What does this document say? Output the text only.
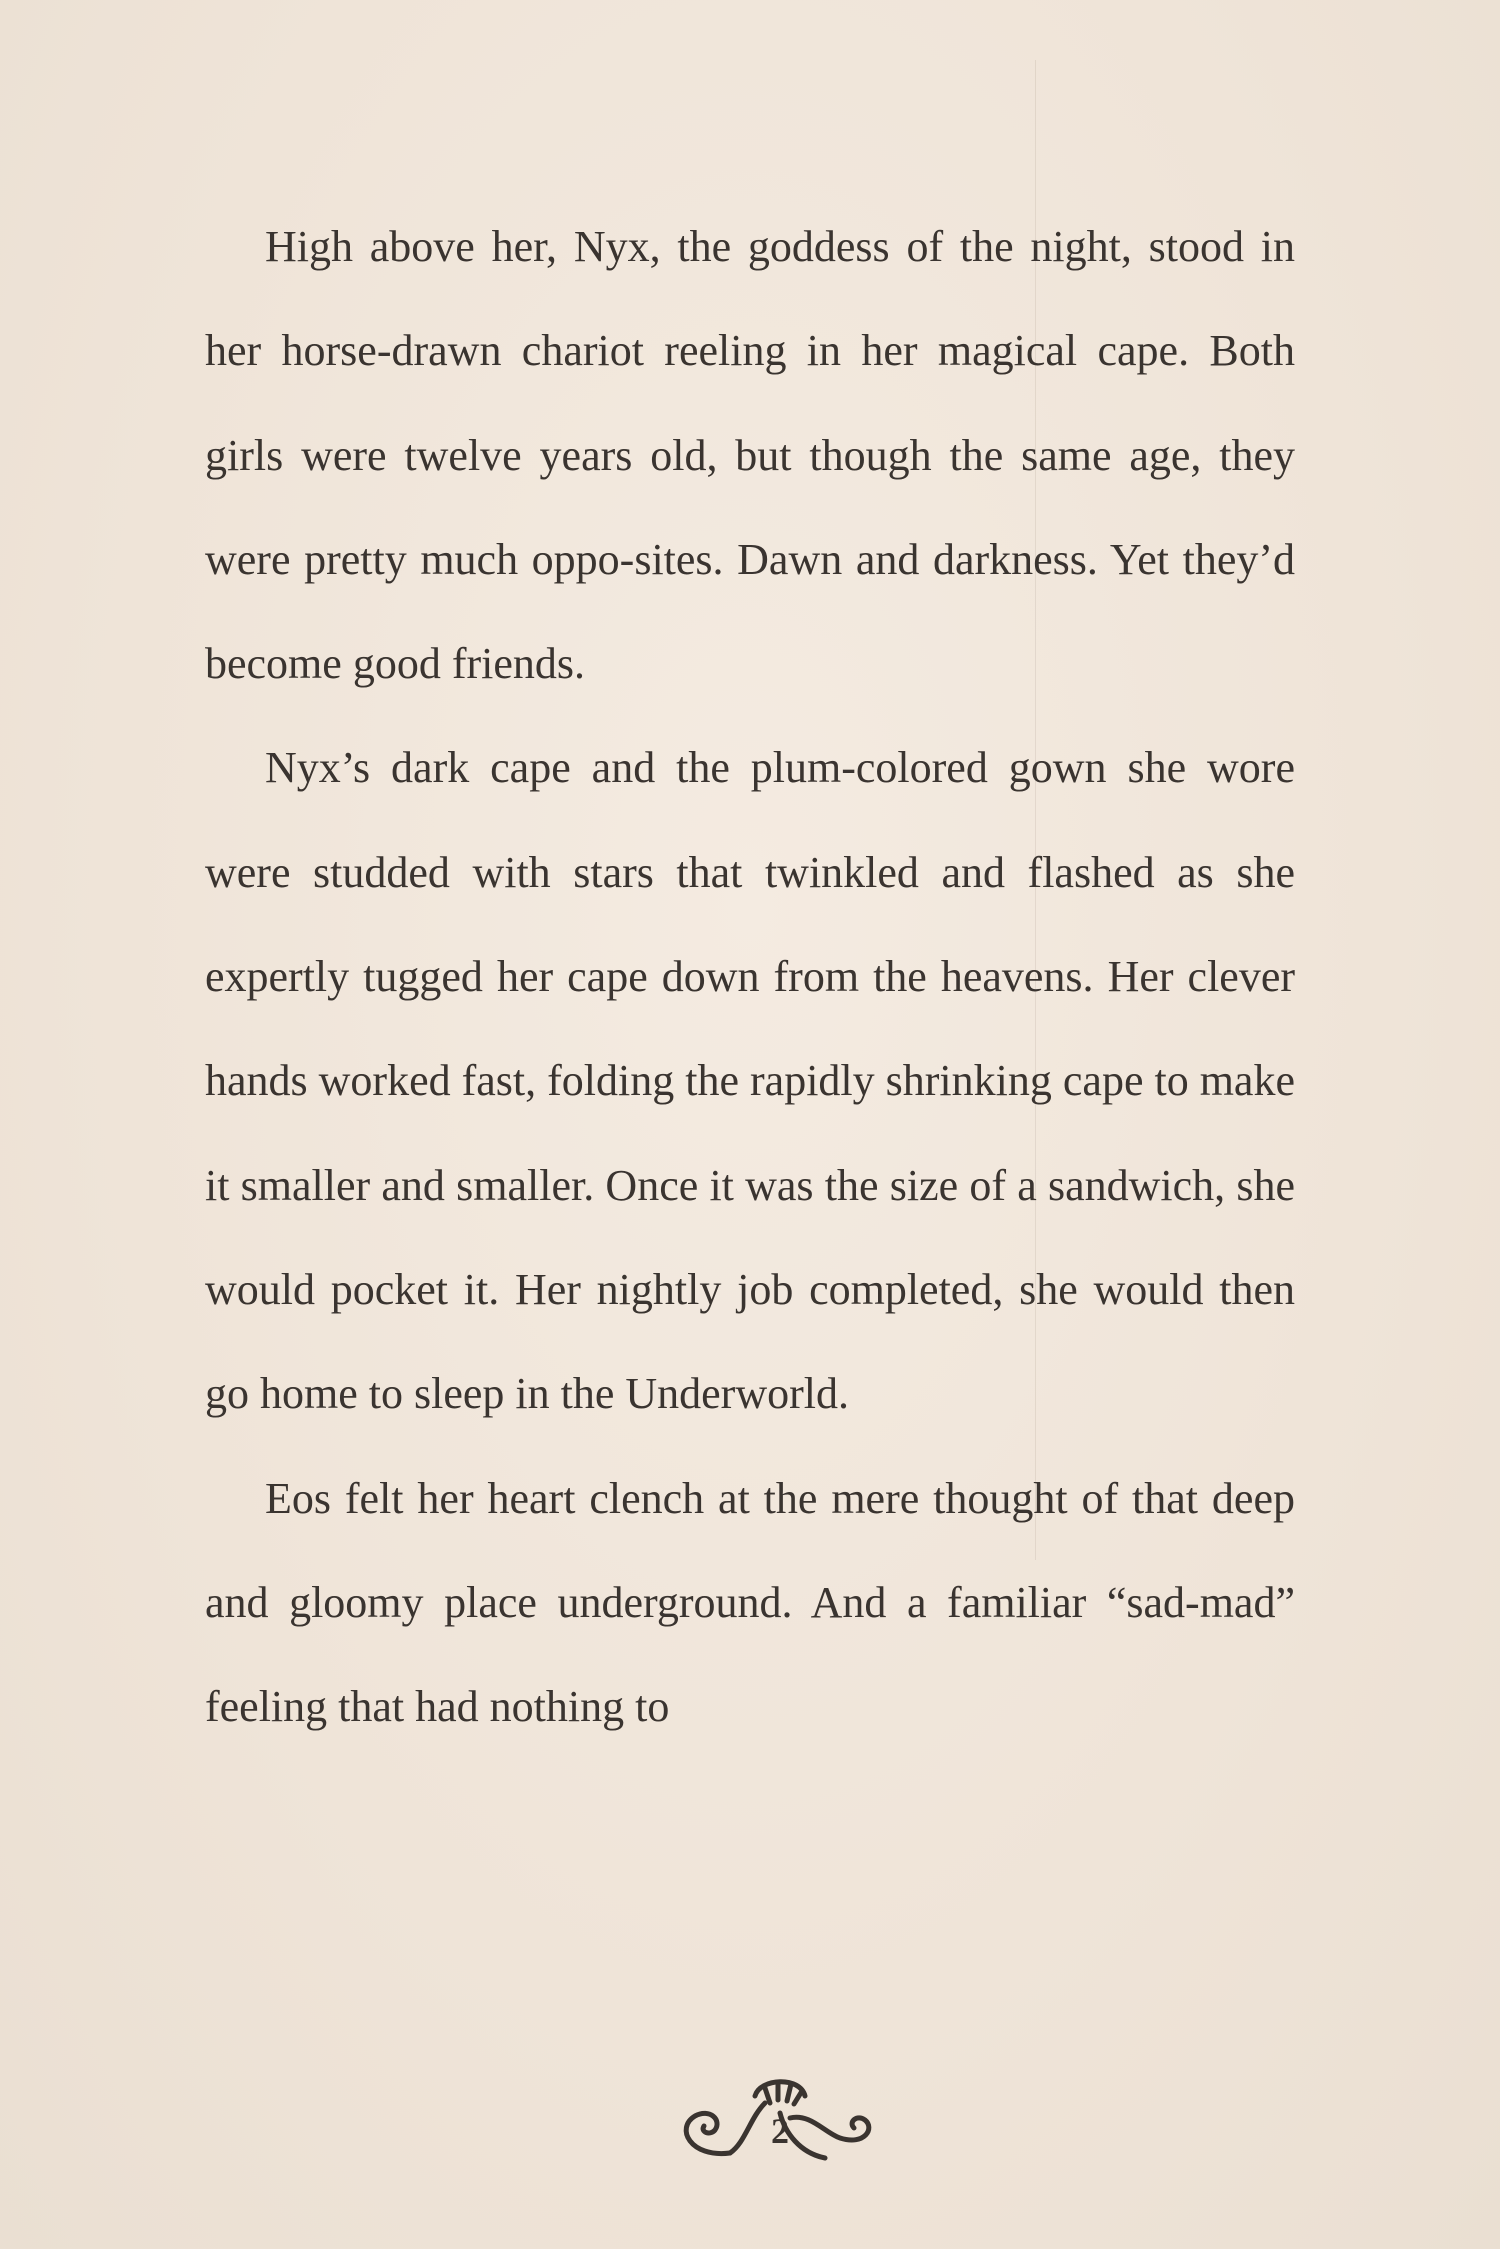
High above her, Nyx, the goddess of the night, stood in her horse-drawn chariot reeling in her magical cape. Both girls were twelve years old, but though the same age, they were pretty much oppo-sites. Dawn and darkness. Yet they’d become good friends.

Nyx’s dark cape and the plum-colored gown she wore were studded with stars that twinkled and flashed as she expertly tugged her cape down from the heavens. Her clever hands worked fast, folding the rapidly shrinking cape to make it smaller and smaller. Once it was the size of a sandwich, she would pocket it. Her nightly job completed, she would then go home to sleep in the Underworld.

Eos felt her heart clench at the mere thought of that deep and gloomy place underground. And a familiar “sad-mad” feeling that had nothing to

2
